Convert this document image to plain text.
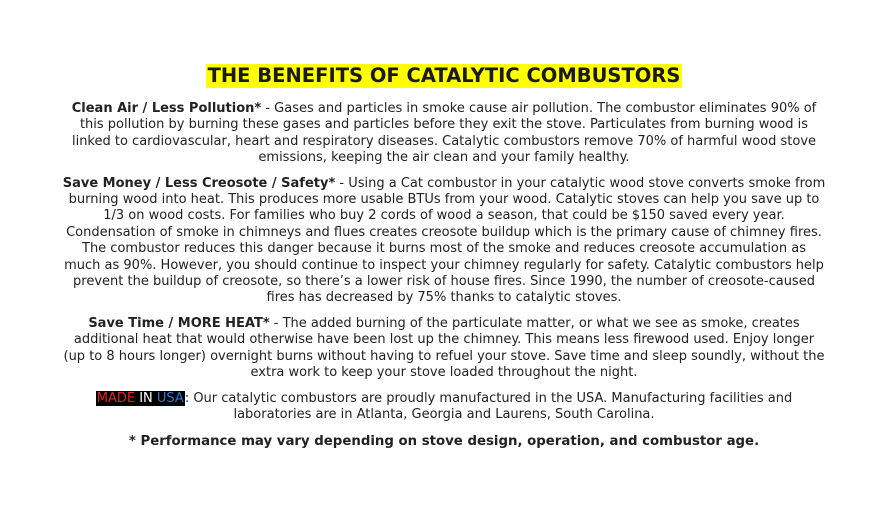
THE BENEFITS OF CATALYTIC COMBUSTORS

Clean Air / Less Pollution* - Gases and particles in smoke cause air pollution. The combustor eliminates 90% of this pollution by burning these gases and particles before they exit the stove. Particulates from burning wood is linked to cardiovascular, heart and respiratory diseases. Catalytic combustors remove 70% of harmful wood stove emissions, keeping the air clean and your family healthy.

Save Money / Less Creosote / Safety* - Using a Cat combustor in your catalytic wood stove converts smoke from burning wood into heat. This produces more usable BTUs from your wood. Catalytic stoves can help you save up to 1/3 on wood costs. For families who buy 2 cords of wood a season, that could be $150 saved every year. Condensation of smoke in chimneys and flues creates creosote buildup which is the primary cause of chimney fires. The combustor reduces this danger because it burns most of the smoke and reduces creosote accumulation as much as 90%. However, you should continue to inspect your chimney regularly for safety. Catalytic combustors help prevent the buildup of creosote, so there’s a lower risk of house fires. Since 1990, the number of creosote-caused fires has decreased by 75% thanks to catalytic stoves.

Save Time / MORE HEAT* - The added burning of the particulate matter, or what we see as smoke, creates additional heat that would otherwise have been lost up the chimney. This means less firewood used. Enjoy longer (up to 8 hours longer) overnight burns without having to refuel your stove. Save time and sleep soundly, without the extra work to keep your stove loaded throughout the night.

MADE IN USA: Our catalytic combustors are proudly manufactured in the USA. Manufacturing facilities and laboratories are in Atlanta, Georgia and Laurens, South Carolina.

* Performance may vary depending on stove design, operation, and combustor age.
